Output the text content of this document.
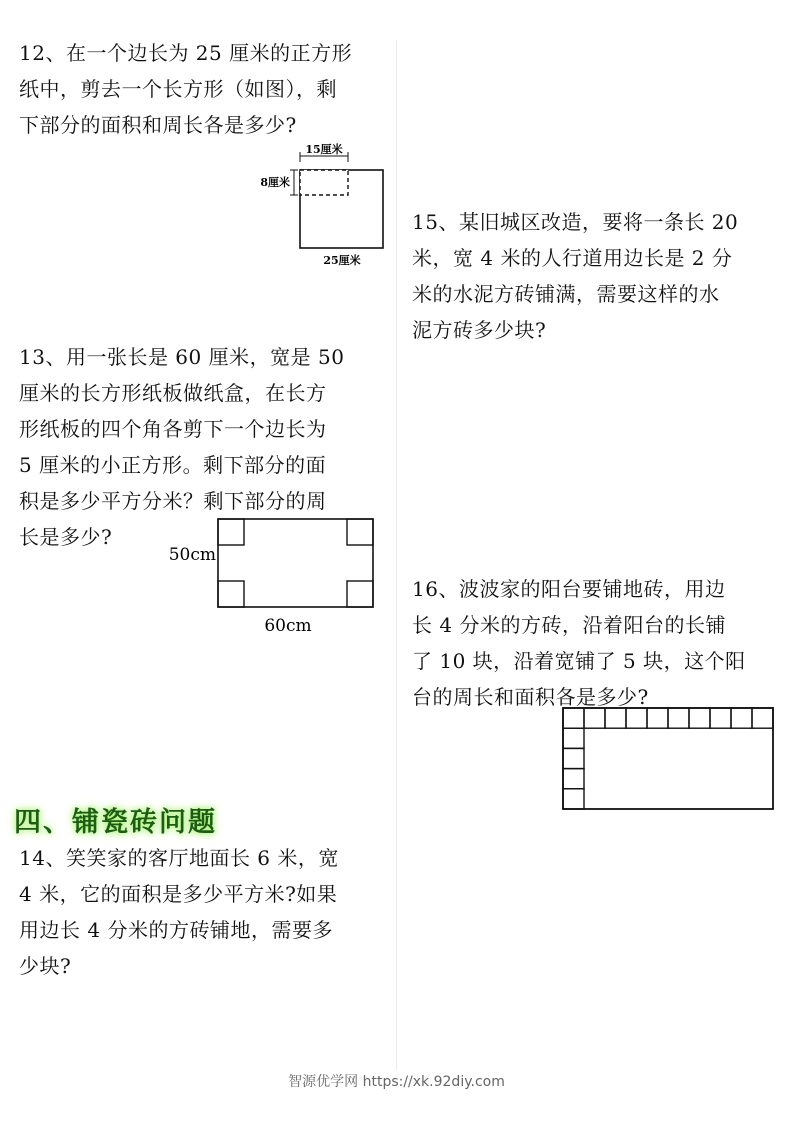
12、在一个边长为 25 厘米的正方形
纸中，剪去一个长方形（如图），剩
下部分的面积和周长各是多少?
15厘米
8厘米
25厘米
13、用一张长是 60 厘米，宽是 50
厘米的长方形纸板做纸盒，在长方
形纸板的四个角各剪下一个边长为
5 厘米的小正方形。剩下部分的面
积是多少平方分米？剩下部分的周
长是多少?
50cm
60cm
四、铺瓷砖问题
14、笑笑家的客厅地面长 6 米，宽
4 米，它的面积是多少平方米?如果
用边长 4 分米的方砖铺地，需要多
少块?
15、某旧城区改造，要将一条长 20
米，宽 4 米的人行道用边长是 2 分
米的水泥方砖铺满，需要这样的水
泥方砖多少块?
16、波波家的阳台要铺地砖，用边
长 4 分米的方砖，沿着阳台的长铺
了 10 块，沿着宽铺了 5 块，这个阳
台的周长和面积各是多少?
智源优学网 https://xk.92diy.com
